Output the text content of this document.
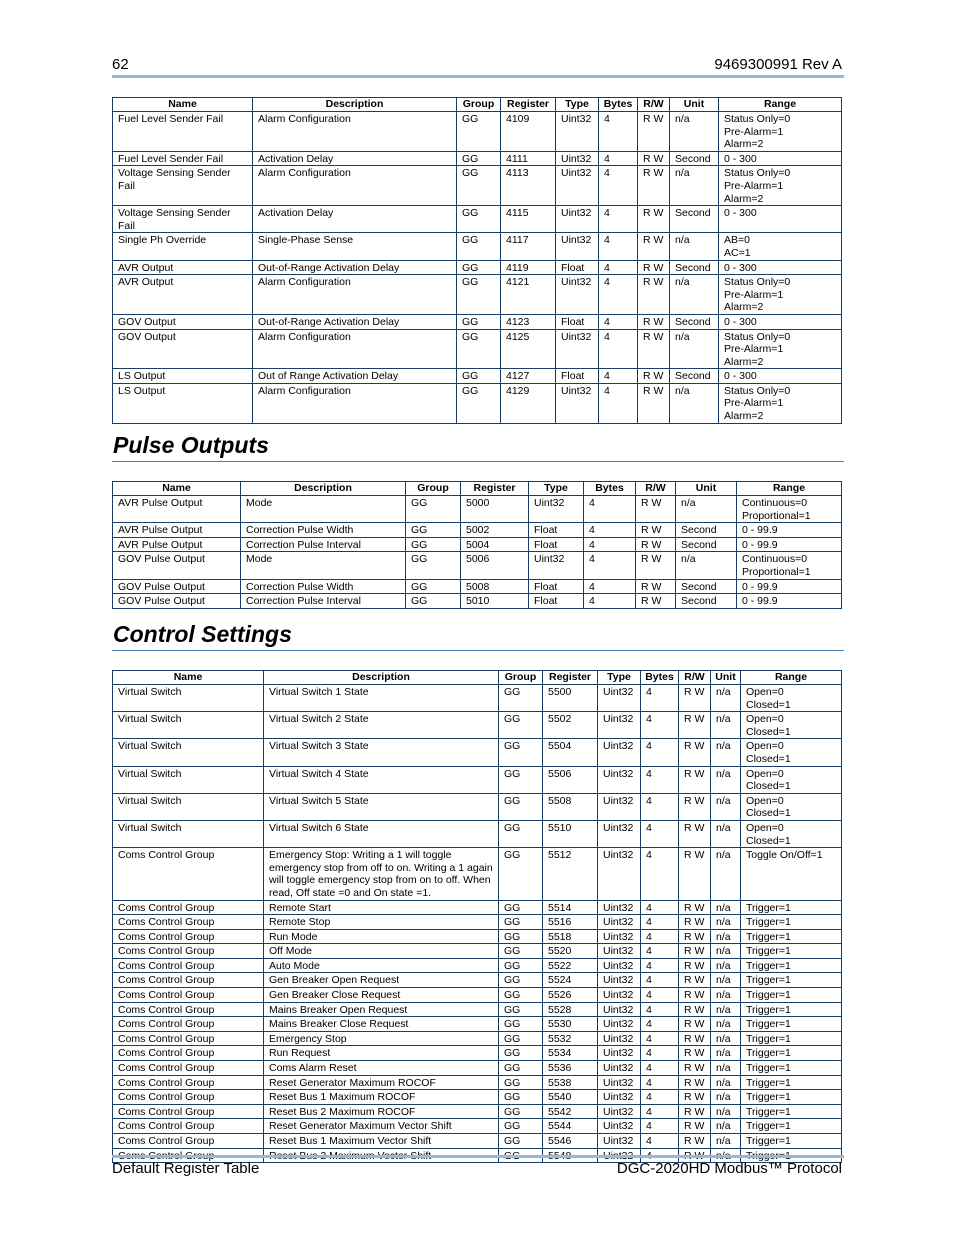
62	9469300991 Rev A
Name	Description	Group	Register	Type	Bytes	R/W	Unit	Range
Fuel Level Sender Fail	Alarm Configuration	GG	4109	Uint32	4	R W	n/a	Status Only=0
Pre-Alarm=1
Alarm=2

Fuel Level Sender Fail	Activation Delay	GG	4111	Uint32	4	R W	Second	0 - 300

Voltage Sensing Sender Fail	Alarm Configuration	GG	4113	Uint32	4	R W	n/a	Status Only=0
Pre-Alarm=1
Alarm=2

Voltage Sensing Sender Fail	Activation Delay	GG	4115	Uint32	4	R W	Second	0 - 300

Single Ph Override	Single-Phase Sense	GG	4117	Uint32	4	R W	n/a	AB=0
AC=1

AVR Output	Out-of-Range Activation Delay	GG	4119	Float	4	R W	Second	0 - 300

AVR Output	Alarm Configuration	GG	4121	Uint32	4	R W	n/a	Status Only=0
Pre-Alarm=1
Alarm=2

GOV Output	Out-of-Range Activation Delay	GG	4123	Float	4	R W	Second	0 - 300

GOV Output	Alarm Configuration	GG	4125	Uint32	4	R W	n/a	Status Only=0
Pre-Alarm=1
Alarm=2

LS Output	Out of Range Activation Delay	GG	4127	Float	4	R W	Second	0 - 300

LS Output	Alarm Configuration	GG	4129	Uint32	4	R W	n/a	Status Only=0
Pre-Alarm=1
Alarm=2
Pulse Outputs
Name	Description	Group	Register	Type	Bytes	R/W	Unit	Range
AVR Pulse Output	Mode	GG	5000	Uint32	4	R W	n/a	Continuous=0
Proportional=1

AVR Pulse Output	Correction Pulse Width	GG	5002	Float	4	R W	Second	0 - 99.9

AVR Pulse Output	Correction Pulse Interval	GG	5004	Float	4	R W	Second	0 - 99.9

GOV Pulse Output	Mode	GG	5006	Uint32	4	R W	n/a	Continuous=0
Proportional=1

GOV Pulse Output	Correction Pulse Width	GG	5008	Float	4	R W	Second	0 - 99.9

GOV Pulse Output	Correction Pulse Interval	GG	5010	Float	4	R W	Second	0 - 99.9
Control Settings
Name	Description	Group	Register	Type	Bytes	R/W	Unit	Range
Virtual Switch	Virtual Switch 1 State	GG	5500	Uint32	4	R W	n/a	Open=0
Closed=1

Virtual Switch	Virtual Switch 2 State	GG	5502	Uint32	4	R W	n/a	Open=0
Closed=1

Virtual Switch	Virtual Switch 3 State	GG	5504	Uint32	4	R W	n/a	Open=0
Closed=1

Virtual Switch	Virtual Switch 4 State	GG	5506	Uint32	4	R W	n/a	Open=0
Closed=1

Virtual Switch	Virtual Switch 5 State	GG	5508	Uint32	4	R W	n/a	Open=0
Closed=1

Virtual Switch	Virtual Switch 6 State	GG	5510	Uint32	4	R W	n/a	Open=0
Closed=1

Coms Control Group	Emergency Stop: Writing a 1 will toggle emergency stop from off to on. Writing a 1 again will toggle emergency stop from on to off. When read, Off state =0 and On state =1.	GG	5512	Uint32	4	R W	n/a	Toggle On/Off=1

Coms Control Group	Remote Start	GG	5514	Uint32	4	R W	n/a	Trigger=1

Coms Control Group	Remote Stop	GG	5516	Uint32	4	R W	n/a	Trigger=1

Coms Control Group	Run Mode	GG	5518	Uint32	4	R W	n/a	Trigger=1

Coms Control Group	Off Mode	GG	5520	Uint32	4	R W	n/a	Trigger=1

Coms Control Group	Auto Mode	GG	5522	Uint32	4	R W	n/a	Trigger=1

Coms Control Group	Gen Breaker Open Request	GG	5524	Uint32	4	R W	n/a	Trigger=1

Coms Control Group	Gen Breaker Close Request	GG	5526	Uint32	4	R W	n/a	Trigger=1

Coms Control Group	Mains Breaker Open Request	GG	5528	Uint32	4	R W	n/a	Trigger=1

Coms Control Group	Mains Breaker Close Request	GG	5530	Uint32	4	R W	n/a	Trigger=1

Coms Control Group	Emergency Stop	GG	5532	Uint32	4	R W	n/a	Trigger=1

Coms Control Group	Run Request	GG	5534	Uint32	4	R W	n/a	Trigger=1

Coms Control Group	Coms Alarm Reset	GG	5536	Uint32	4	R W	n/a	Trigger=1

Coms Control Group	Reset Generator Maximum ROCOF	GG	5538	Uint32	4	R W	n/a	Trigger=1

Coms Control Group	Reset Bus 1 Maximum ROCOF	GG	5540	Uint32	4	R W	n/a	Trigger=1

Coms Control Group	Reset Bus 2 Maximum ROCOF	GG	5542	Uint32	4	R W	n/a	Trigger=1

Coms Control Group	Reset Generator Maximum Vector Shift	GG	5544	Uint32	4	R W	n/a	Trigger=1

Coms Control Group	Reset Bus 1 Maximum Vector Shift	GG	5546	Uint32	4	R W	n/a	Trigger=1

Coms Control Group	Reset Bus 2 Maximum Vector Shift	GG	5548	Uint32	4	R W	n/a	Trigger=1
Default Register Table	DGC-2020HD Modbus™ Protocol
